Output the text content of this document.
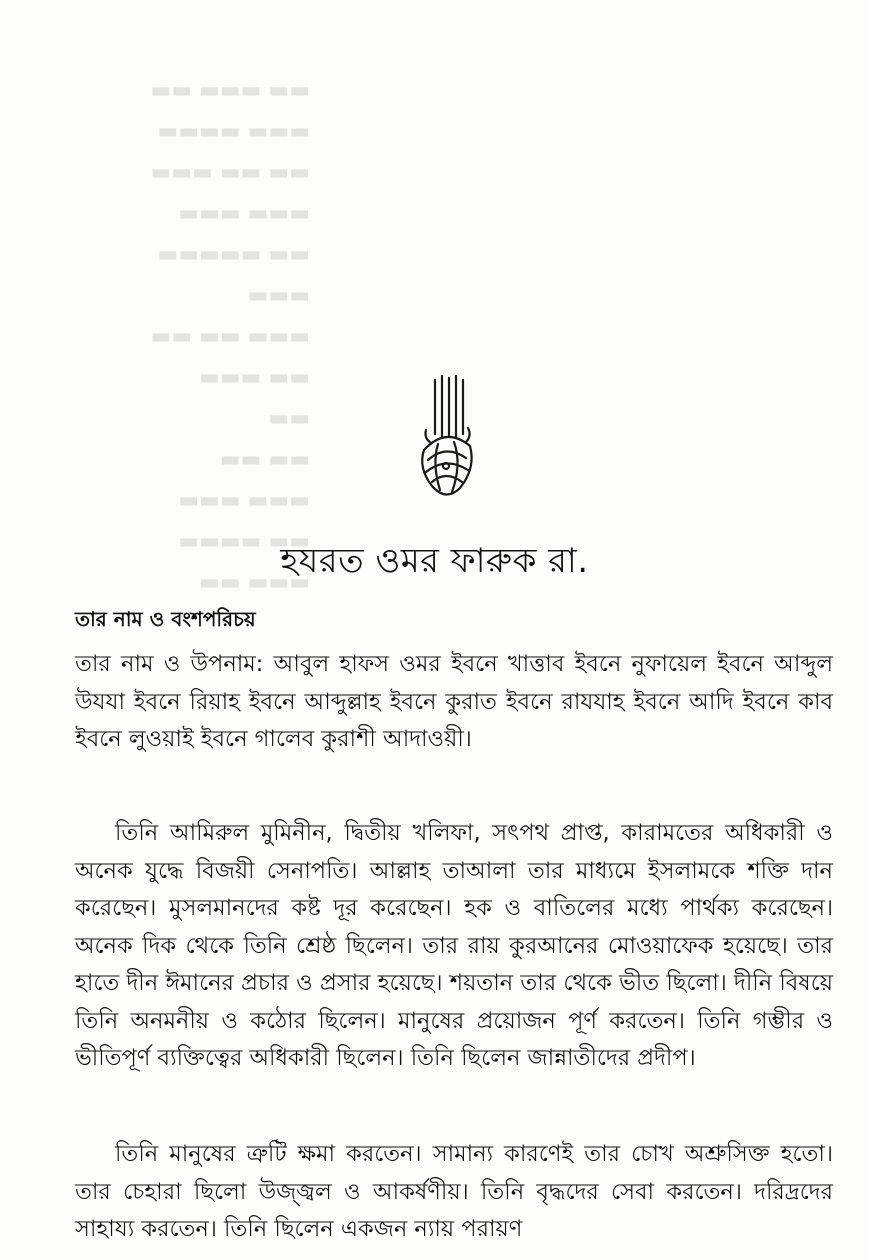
▬▬ ▬▬▬ ▬▬
▬▬▬ ▬▬▬▬
▬▬ ▬▬ ▬▬▬
▬▬▬ ▬▬▬
▬▬ ▬▬▬▬▬
▬▬▬
▬▬▬ ▬▬ ▬▬
▬▬ ▬▬▬
▬▬
▬▬ ▬▬
▬▬▬ ▬▬▬
▬▬ ▬▬▬▬
▬▬▬ ▬▬
হযরত ওমর ফারুক রা.
তার নাম ও বংশপরিচয়

তার নাম ও উপনাম: আবুল হাফস ওমর ইবনে খাত্তাব ইবনে নুফায়েল ইবনে আব্দুল উযযা ইবনে রিয়াহ ইবনে আব্দুল্লাহ ইবনে কুরাত ইবনে রাযযাহ ইবনে আদি ইবনে কাব ইবনে লুওয়াই ইবনে গালেব কুরাশী আদাওয়ী।

তিনি আমিরুল মুমিনীন, দ্বিতীয় খলিফা, সৎপথ প্রাপ্ত, কারামতের অধিকারী ও অনেক যুদ্ধে বিজয়ী সেনাপতি। আল্লাহ তাআলা তার মাধ্যমে ইসলামকে শক্তি দান করেছেন। মুসলমানদের কষ্ট দূর করেছেন। হক ও বাতিলের মধ্যে পার্থক্য করেছেন। অনেক দিক থেকে তিনি শ্রেষ্ঠ ছিলেন। তার রায় কুরআনের মোওয়াফেক হয়েছে। তার হাতে দীন ঈমানের প্রচার ও প্রসার হয়েছে। শয়তান তার থেকে ভীত ছিলো। দীনি বিষয়ে তিনি অনমনীয় ও কঠোর ছিলেন। মানুষের প্রয়োজন পূর্ণ করতেন। তিনি গম্ভীর ও ভীতিপূর্ণ ব্যক্তিত্বের অধিকারী ছিলেন। তিনি ছিলেন জান্নাতীদের প্রদীপ।

তিনি মানুষের ত্রুটি ক্ষমা করতেন। সামান্য কারণেই তার চোখ অশ্রুসিক্ত হতো। তার চেহারা ছিলো উজ্জ্বল ও আকর্ষণীয়। তিনি বৃদ্ধদের সেবা করতেন। দরিদ্রদের সাহায্য করতেন। তিনি ছিলেন একজন ন্যায় পরায়ণ
